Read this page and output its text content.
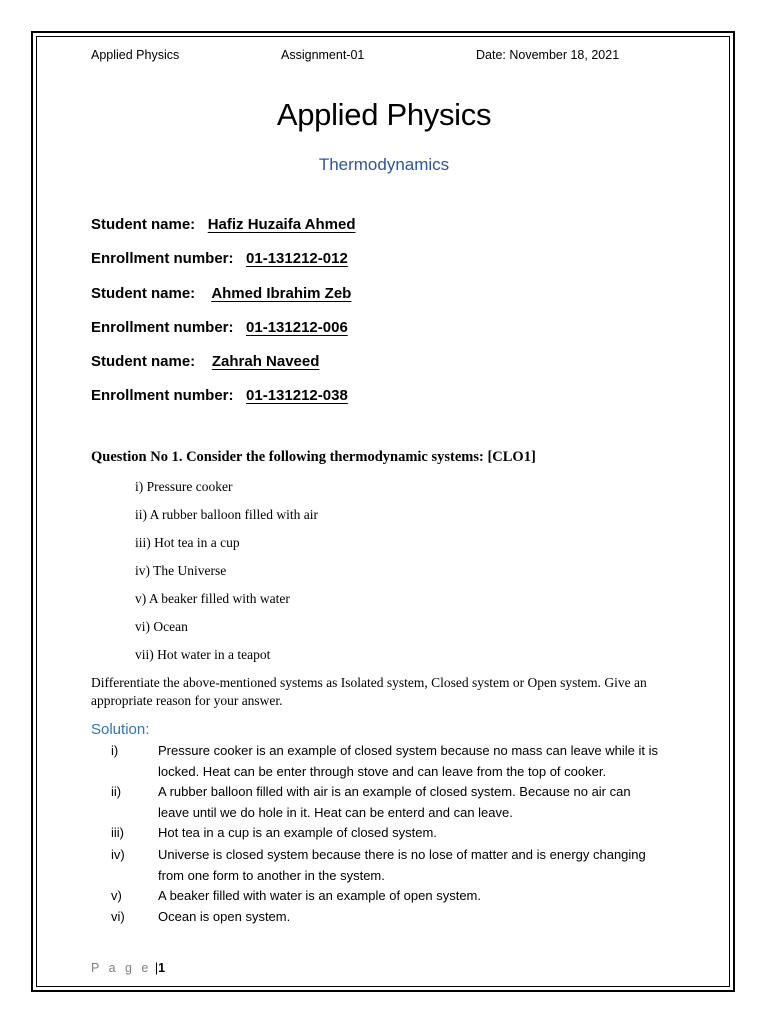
Applied Physics	Assignment-01	Date: November 18, 2021
Applied Physics
Thermodynamics
Student name: Hafiz Huzaifa Ahmed
Enrollment number: 01-131212-012
Student name: Ahmed Ibrahim Zeb
Enrollment number: 01-131212-006
Student name: Zahrah Naveed
Enrollment number: 01-131212-038
Question No 1. Consider the following thermodynamic systems: [CLO1]
i) Pressure cooker
ii) A rubber balloon filled with air
iii) Hot tea in a cup
iv) The Universe
v) A beaker filled with water
vi) Ocean
vii) Hot water in a teapot
Differentiate the above-mentioned systems as Isolated system, Closed system or Open system. Give an appropriate reason for your answer.
Solution:
i)	Pressure cooker is an example of closed system because no mass can leave while it is
locked. Heat can be enter through stove and can leave from the top of cooker.
ii)	A rubber balloon filled with air is an example of closed system. Because no air can
leave until we do hole in it. Heat can be enterd and can leave.
iii)	Hot tea in a cup is an example of closed system.
iv)	Universe is closed system because there is no lose of matter and is energy changing
from one form to another in the system.
v)	A beaker filled with water is an example of open system.
vi)	Ocean is open system.
P a g e |1
